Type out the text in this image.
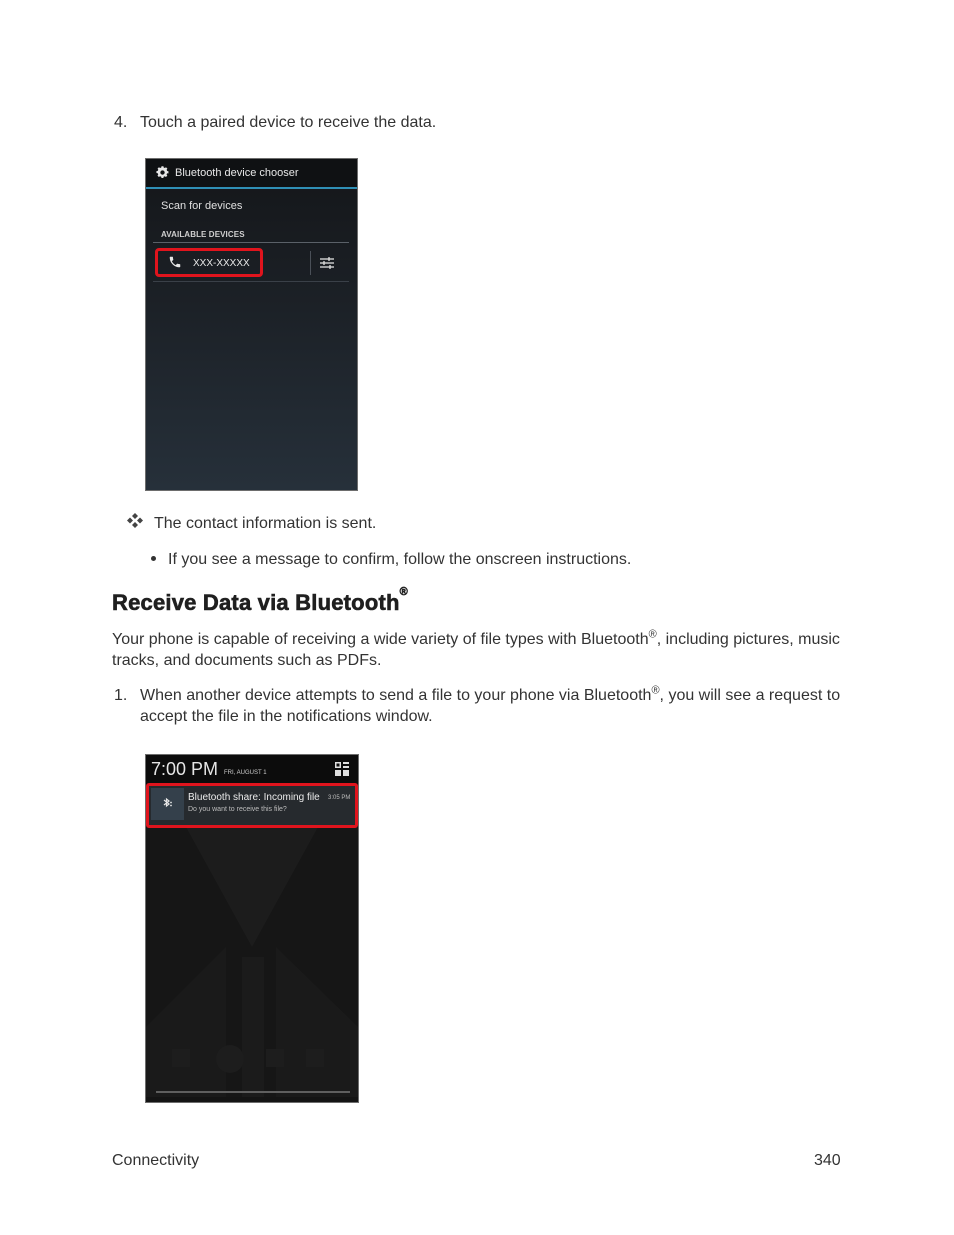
4. Touch a paired device to receive the data.
Bluetooth device chooser
Scan for devices
AVAILABLE DEVICES
XXX-XXXXX
The contact information is sent.
If you see a message to confirm, follow the onscreen instructions.
Receive Data via Bluetooth®
Your phone is capable of receiving a wide variety of file types with Bluetooth®, including pictures, music tracks, and documents such as PDFs.
1. When another device attempts to send a file to your phone via Bluetooth®, you will see a request to accept the file in the notifications window.
7:00 PM FRI, AUGUST 1
Bluetooth share: Incoming file 3:05 PM
Do you want to receive this file?
Connectivity	340
